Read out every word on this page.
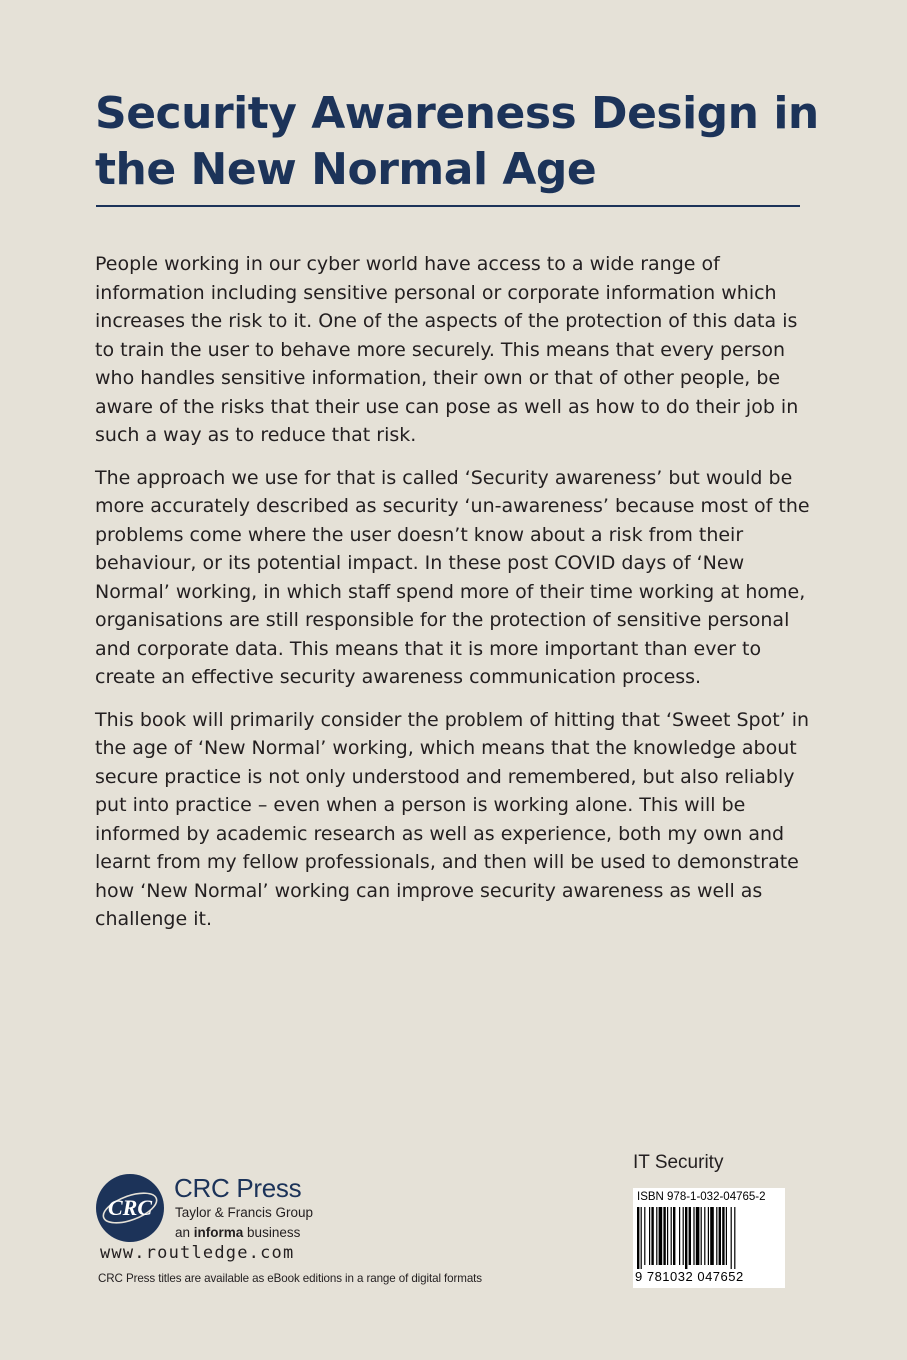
Security Awareness Design in the New Normal Age

People working in our cyber world have access to a wide range of information including sensitive personal or corporate information which increases the risk to it. One of the aspects of the protection of this data is to train the user to behave more securely. This means that every person who handles sensitive information, their own or that of other people, be aware of the risks that their use can pose as well as how to do their job in such a way as to reduce that risk.

The approach we use for that is called ‘Security awareness’ but would be more accurately described as security ‘un-awareness’ because most of the problems come where the user doesn’t know about a risk from their behaviour, or its potential impact. In these post COVID days of ‘New Normal’ working, in which staff spend more of their time working at home, organisations are still responsible for the protection of sensitive personal and corporate data. This means that it is more important than ever to create an effective security awareness communication process.

This book will primarily consider the problem of hitting that ‘Sweet Spot’ in the age of ‘New Normal’ working, which means that the knowledge about secure practice is not only understood and remembered, but also reliably put into practice – even when a person is working alone. This will be informed by academic research as well as experience, both my own and learnt from my fellow professionals, and then will be used to demonstrate how ‘New Normal’ working can improve security awareness as well as challenge it.

IT Security
ISBN 978-1-032-04765-2
9 781032 047652
CRC
CRC Press
Taylor & Francis Group
an informa business
www.routledge.com
CRC Press titles are available as eBook editions in a range of digital formats
